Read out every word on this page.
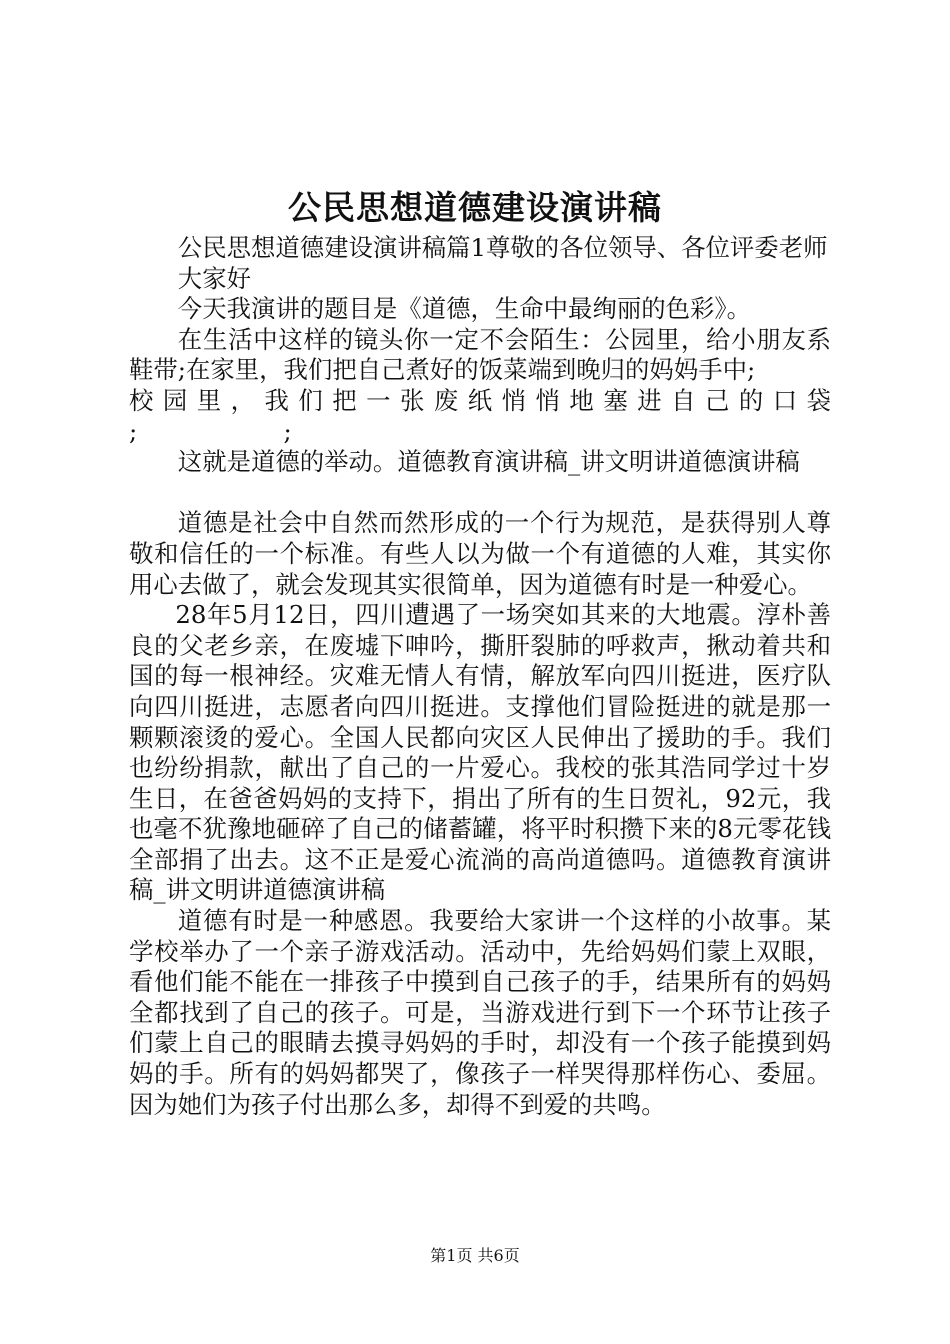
公民思想道德建设演讲稿

公民思想道德建设演讲稿篇1尊敬的各位领导、各位评委老师

大家好

今天我演讲的题目是《道德，生命中最绚丽的色彩》。

在生活中这样的镜头你一定不会陌生：公园里，给小朋友系鞋带;在家里，我们把自己煮好的饭菜端到晚归的妈妈手中;

校园里，我们把一张废纸悄悄地塞进自己的口袋

;　　　　　　;

这就是道德的举动。道德教育演讲稿_讲文明讲道德演讲稿

道德是社会中自然而然形成的一个行为规范，是获得别人尊敬和信任的一个标准。有些人以为做一个有道德的人难，其实你用心去做了，就会发现其实很简单，因为道德有时是一种爱心。

28年5月12日，四川遭遇了一场突如其来的大地震。淳朴善良的父老乡亲，在废墟下呻吟，撕肝裂肺的呼救声，揪动着共和国的每一根神经。灾难无情人有情，解放军向四川挺进，医疗队向四川挺进，志愿者向四川挺进。支撑他们冒险挺进的就是那一颗颗滚烫的爱心。全国人民都向灾区人民伸出了援助的手。我们也纷纷捐款，献出了自己的一片爱心。我校的张其浩同学过十岁生日，在爸爸妈妈的支持下，捐出了所有的生日贺礼，92元，我也毫不犹豫地砸碎了自己的储蓄罐，将平时积攒下来的8元零花钱全部捐了出去。这不正是爱心流淌的高尚道德吗。道德教育演讲稿_讲文明讲道德演讲稿

道德有时是一种感恩。我要给大家讲一个这样的小故事。某学校举办了一个亲子游戏活动。活动中，先给妈妈们蒙上双眼，看他们能不能在一排孩子中摸到自己孩子的手，结果所有的妈妈全都找到了自己的孩子。可是，当游戏进行到下一个环节让孩子们蒙上自己的眼睛去摸寻妈妈的手时，却没有一个孩子能摸到妈妈的手。所有的妈妈都哭了，像孩子一样哭得那样伤心、委屈。因为她们为孩子付出那么多，却得不到爱的共鸣。

第1页 共6页
